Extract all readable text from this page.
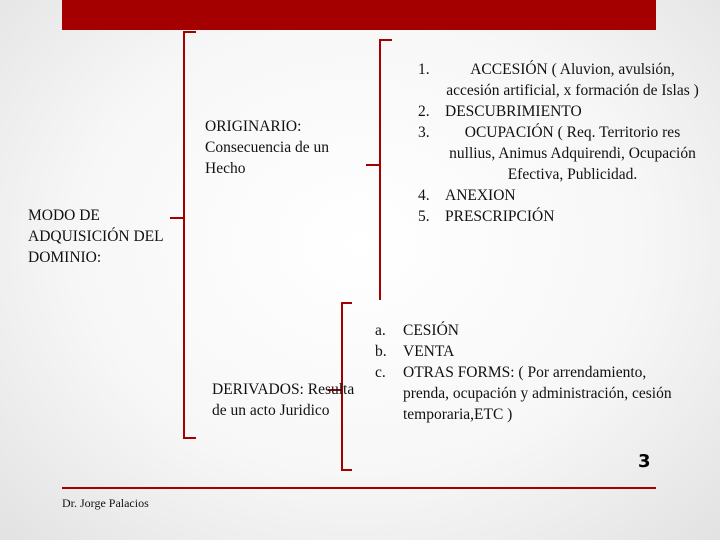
MODO DE ADQUISICIÓN DEL DOMINIO:
ORIGINARIO: Consecuencia de un Hecho
DERIVADOS: Resulta de un acto Juridico
1.	ACCESIÓN ( Aluvion, avulsión, accesión artificial, x formación de Islas )
2. DESCUBRIMIENTO
3. OCUPACIÓN ( Req. Territorio res nullius, Animus Adquirendi, Ocupación Efectiva, Publicidad.
4. ANEXION
5. PRESCRIPCIÓN
a. CESIÓN
b. VENTA
c. OTRAS FORMS: ( Por arrendamiento, prenda, ocupación y administración, cesión temporaria,ETC )
3
Dr. Jorge Palacios
